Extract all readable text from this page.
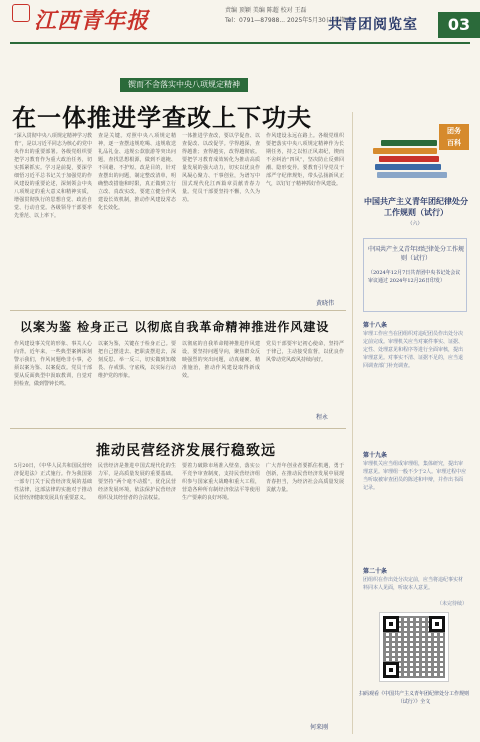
江西青年报	责编 顶颖 美编 陈超 校对 王磊
Tel：0791—87988... 2025年5月30日 星期五
共青团阅览室	03
锲而不舍落实中央八项规定精神
在一体推进学查改上下功夫
“深入贯彻中央八项规定精神学习教育”，是以习近平同志为核心的党中央作出的重要部署。各级党组织要把学习教育作为重大政治任务，切实抓紧抓实。学习是前提，要深学细悟习近平总书记关于加强党的作风建设的重要论述，深刻领会中央八项规定的重大意义和精神实质，增强贯彻执行的思想自觉、政治自觉、行动自觉。各级领导干部要率先垂范、以上率下。
查是关键。对照中央八项规定精神，逐一查摆违规吃喝、违规收送礼品礼金、违规公款旅游等突出问题，查找思想根源，做到不遮掩、不回避、不护短。改是目的，针对查摆出的问题，制定整改清单，明确整改措施和时限，真正做到立行立改、真改实改。要建立健全作风建设长效机制，推动作风建设常态化长效化。
一体推进学查改，要以学促查、以查促改、以改促学。学得越深，查得越准；查得越实，改得越彻底。要把学习教育成效转化为推动高质量发展的强大动力，切实以优良作风凝心聚力、干事创业，为谱写中国式现代化江西篇章贡献青春力量。党员干部要坚持不懈，久久为功。
作风建设永远在路上。各级党组织要把落实中央八项规定精神作为长期任务，持之以恒正风肃纪，锲而不舍纠治“四风”，坚决防止反弹回潮、隐形变异。要教育引导党员干部严守纪律规矩，带头弘扬新风正气，以钉钉子精神抓好作风建设。
黄晓伟
以案为鉴 检身正己 以彻底自我革命精神推进作风建设
作风建设事关党的形象、事关人心向背。近年来，一些典型案例深刻警示我们，作风问题绝非小事，必须以案为鉴、以案促改。党员干部要从反面典型中汲取教训，自觉对照检查，做到警钟长鸣。
以案为鉴，关键在于检身正己。要把自己摆进去、把职责摆进去，深刻反思、举一反三，切实做到知敬畏、存戒惧、守底线，以实际行动维护党的形象。
以彻底的自我革命精神推进作风建设，要坚持问题导向，聚焦群众反映强烈的突出问题，动真碰硬、精准施治，推动作风建设取得新成效。
党员干部要牢记初心使命，坚持严于律己，主动接受监督，以优良作风带动党风政风持续向好。
程永
推动民营经济发展行稳致远
5月20日，《中华人民共和国民营经济促进法》正式施行。作为我国第一部专门关于民营经济发展的基础性法律，这部法律的实施对于推动民营经济健康发展具有重要意义。
民营经济是推进中国式现代化的生力军，是高质量发展的重要基础。要坚持“两个毫不动摇”，优化民营经济发展环境，依法保护民营经济组织及其经营者的合法权益。
要着力破除市场准入壁垒，落实公平竞争审查制度，支持民营经济组织参与国家重大战略和重大工程，营造各种所有制经济依法平等使用生产要素的良好环境。
广大青年创业者要抓住机遇，勇于创新，在推动民营经济发展中展现青春担当，为经济社会高质量发展贡献力量。
何来刚
团务
百科
中国共产主义青年团纪律处分工作规则（试行）
（六）
中国共产主义青年团纪律处分工作规则（试行）
（2024年12月7日共青团中央书记处会议审议通过 2024年12月26日印发）
第十八条
审理工作应当在团组织对违纪团员作出处分决定前完成。审理机关应当对案件事实、证据、定性、处理意见和程序等进行全面审核，提出审理意见。对事实不清、证据不足的，应当退回调查部门补充调查。
第十九条
审理机关应当组成审理组，集体研究，提出审理意见。审理组一般不少于2人。审理过程中应当听取被审查团员的陈述和申辩，并作出书面记录。
第二十条
团组织在作出处分决定前，应当将违纪事实材料同本人见面，听取本人意见。
（未完待续）
扫码观看《中国共产主义青年团纪律处分工作规则（试行）》全文
